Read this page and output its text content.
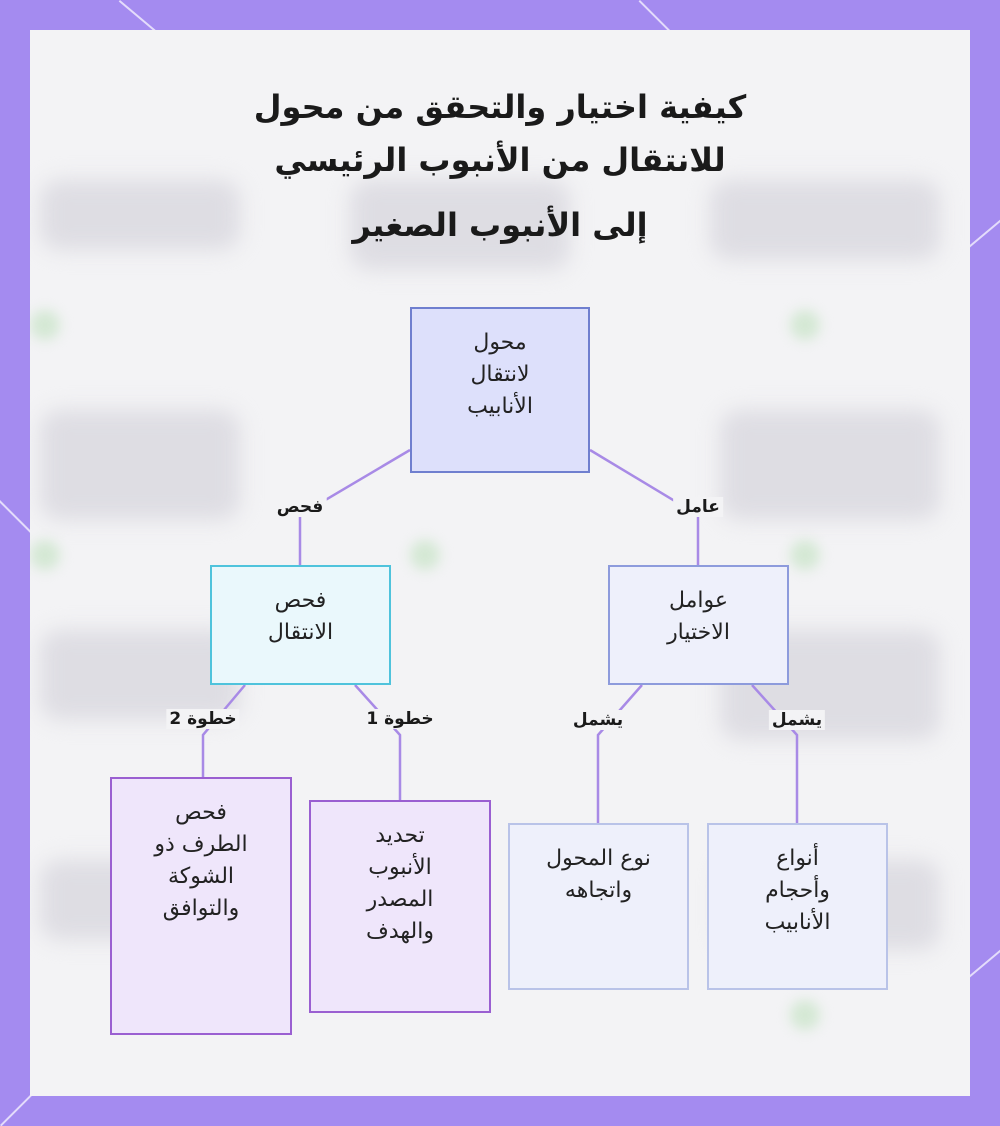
كيفية اختيار والتحقق من محول
للانتقال من الأنبوب الرئيسي
إلى الأنبوب الصغير
فحص	عامل
خطوة 2	خطوة 1	يشمل	يشمل
محول
لانتقال
الأنابيب
فحص
الانتقال
عوامل
الاختيار
فحص
الطرف ذو
الشوكة
والتوافق
تحديد
الأنبوب
المصدر
والهدف
نوع المحول
واتجاهه
أنواع
وأحجام
الأنابيب
